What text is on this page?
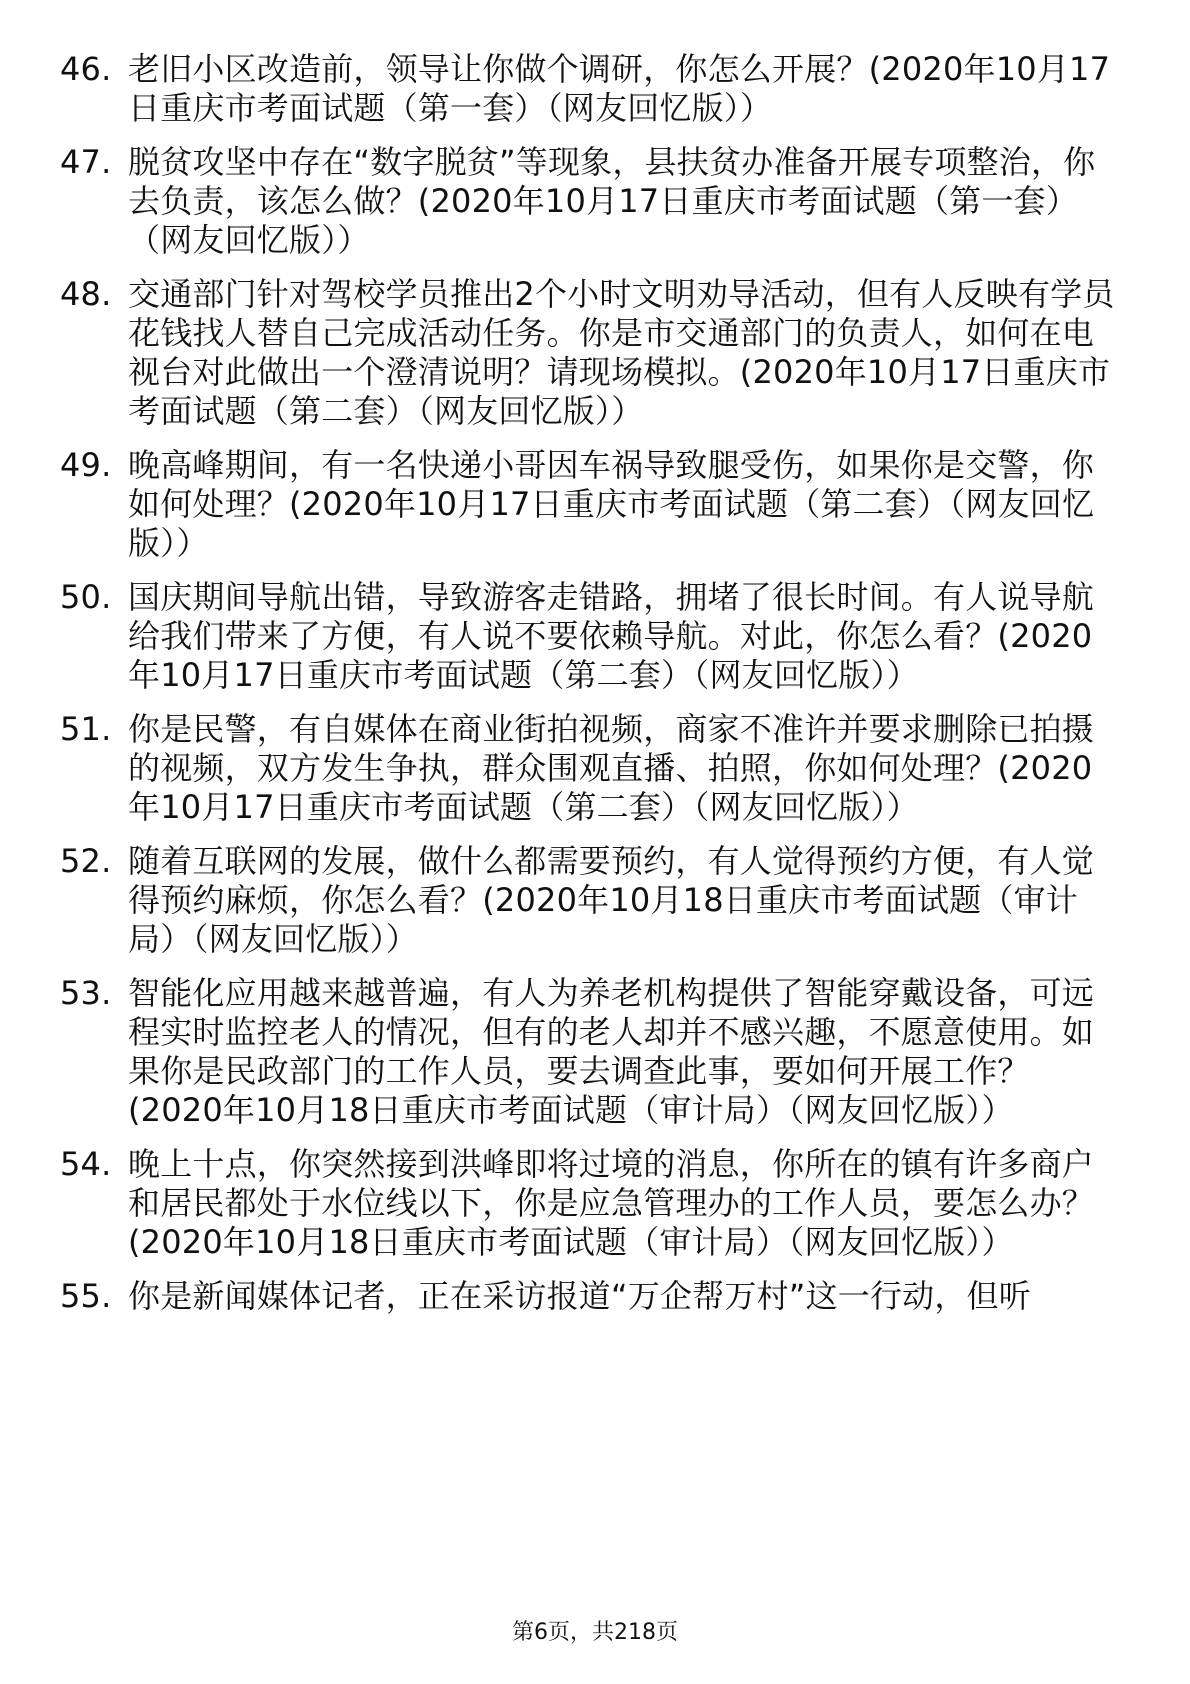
46. 老旧小区改造前，领导让你做个调研，你怎么开展？(2020年10月17日重庆市考面试题（第一套）（网友回忆版））
47. 脱贫攻坚中存在“数字脱贫”等现象，县扶贫办准备开展专项整治，你去负责，该怎么做？(2020年10月17日重庆市考面试题（第一套）（网友回忆版））
48. 交通部门针对驾校学员推出2个小时文明劝导活动，但有人反映有学员花钱找人替自己完成活动任务。你是市交通部门的负责人，如何在电视台对此做出一个澄清说明？请现场模拟。(2020年10月17日重庆市考面试题（第二套）（网友回忆版））
49. 晚高峰期间，有一名快递小哥因车祸导致腿受伤，如果你是交警，你如何处理？(2020年10月17日重庆市考面试题（第二套）（网友回忆版））
50. 国庆期间导航出错，导致游客走错路，拥堵了很长时间。有人说导航给我们带来了方便，有人说不要依赖导航。对此，你怎么看？(2020年10月17日重庆市考面试题（第二套）（网友回忆版））
51. 你是民警，有自媒体在商业街拍视频，商家不准许并要求删除已拍摄的视频，双方发生争执，群众围观直播、拍照，你如何处理？(2020年10月17日重庆市考面试题（第二套）（网友回忆版））
52. 随着互联网的发展，做什么都需要预约，有人觉得预约方便，有人觉得预约麻烦，你怎么看？(2020年10月18日重庆市考面试题（审计局）（网友回忆版））
53. 智能化应用越来越普遍，有人为养老机构提供了智能穿戴设备，可远程实时监控老人的情况，但有的老人却并不感兴趣，不愿意使用。如果你是民政部门的工作人员，要去调查此事，要如何开展工作？(2020年10月18日重庆市考面试题（审计局）（网友回忆版））
54. 晚上十点，你突然接到洪峰即将过境的消息，你所在的镇有许多商户和居民都处于水位线以下，你是应急管理办的工作人员，要怎么办？(2020年10月18日重庆市考面试题（审计局）（网友回忆版））
55. 你是新闻媒体记者，正在采访报道“万企帮万村”这一行动，但听
第6页，共218页
